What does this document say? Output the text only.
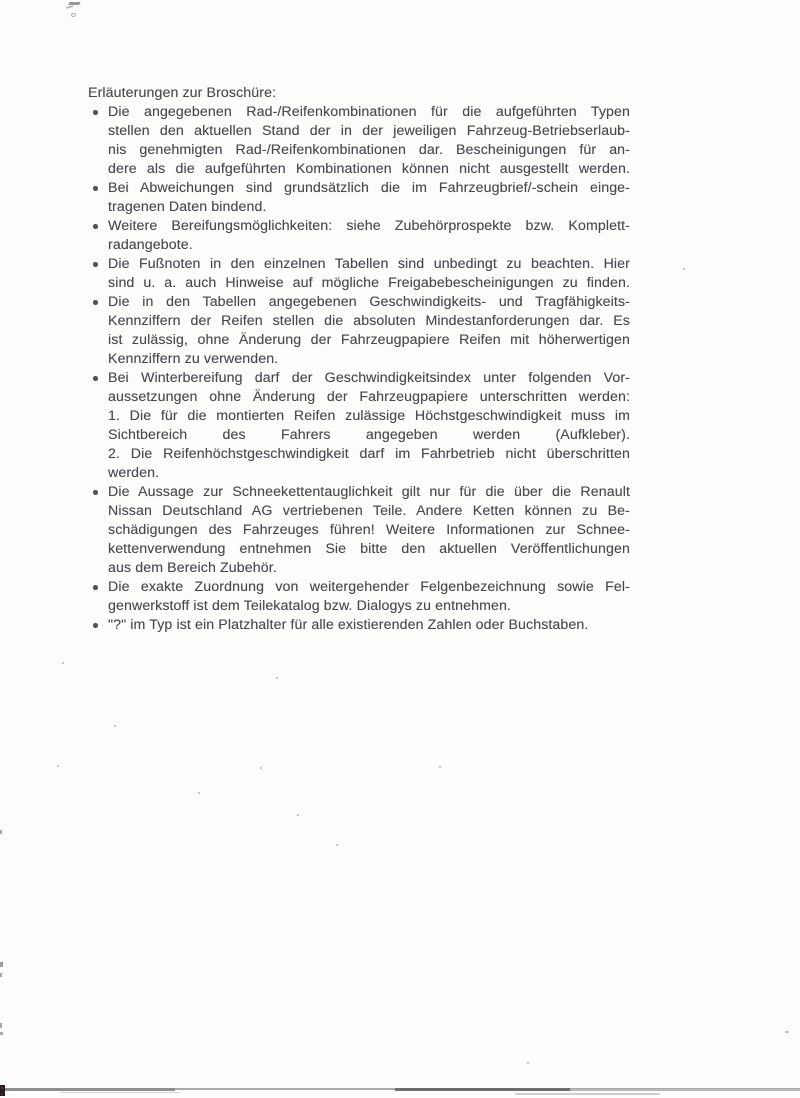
Erläuterungen zur Broschüre:

Die angegebenen Rad-/Reifenkombinationen für die aufgeführten Typen
stellen den aktuellen Stand der in der jeweiligen Fahrzeug-Betriebserlaub-
nis genehmigten Rad-/Reifenkombinationen dar. Bescheinigungen für an-
dere als die aufgeführten Kombinationen können nicht ausgestellt werden.
Bei Abweichungen sind grundsätzlich die im Fahrzeugbrief/-schein einge-
tragenen Daten bindend.
Weitere Bereifungsmöglichkeiten: siehe Zubehörprospekte bzw. Komplett-
radangebote.
Die Fußnoten in den einzelnen Tabellen sind unbedingt zu beachten. Hier
sind u. a. auch Hinweise auf mögliche Freigabebescheinigungen zu finden.
Die in den Tabellen angegebenen Geschwindigkeits- und Tragfähigkeits-
Kennziffern der Reifen stellen die absoluten Mindestanforderungen dar. Es
ist zulässig, ohne Änderung der Fahrzeugpapiere Reifen mit höherwertigen
Kennziffern zu verwenden.
Bei Winterbereifung darf der Geschwindigkeitsindex unter folgenden Vor-
aussetzungen ohne Änderung der Fahrzeugpapiere unterschritten werden:
1. Die für die montierten Reifen zulässige Höchstgeschwindigkeit muss im
Sichtbereich des Fahrers angegeben werden (Aufkleber).
2. Die Reifenhöchstgeschwindigkeit darf im Fahrbetrieb nicht überschritten
werden.
Die Aussage zur Schneekettentauglichkeit gilt nur für die über die Renault
Nissan Deutschland AG vertriebenen Teile. Andere Ketten können zu Be-
schädigungen des Fahrzeuges führen! Weitere Informationen zur Schnee-
kettenverwendung entnehmen Sie bitte den aktuellen Veröffentlichungen
aus dem Bereich Zubehör.
Die exakte Zuordnung von weitergehender Felgenbezeichnung sowie Fel-
genwerkstoff ist dem Teilekatalog bzw. Dialogys zu entnehmen.
"?" im Typ ist ein Platzhalter für alle existierenden Zahlen oder Buchstaben.
